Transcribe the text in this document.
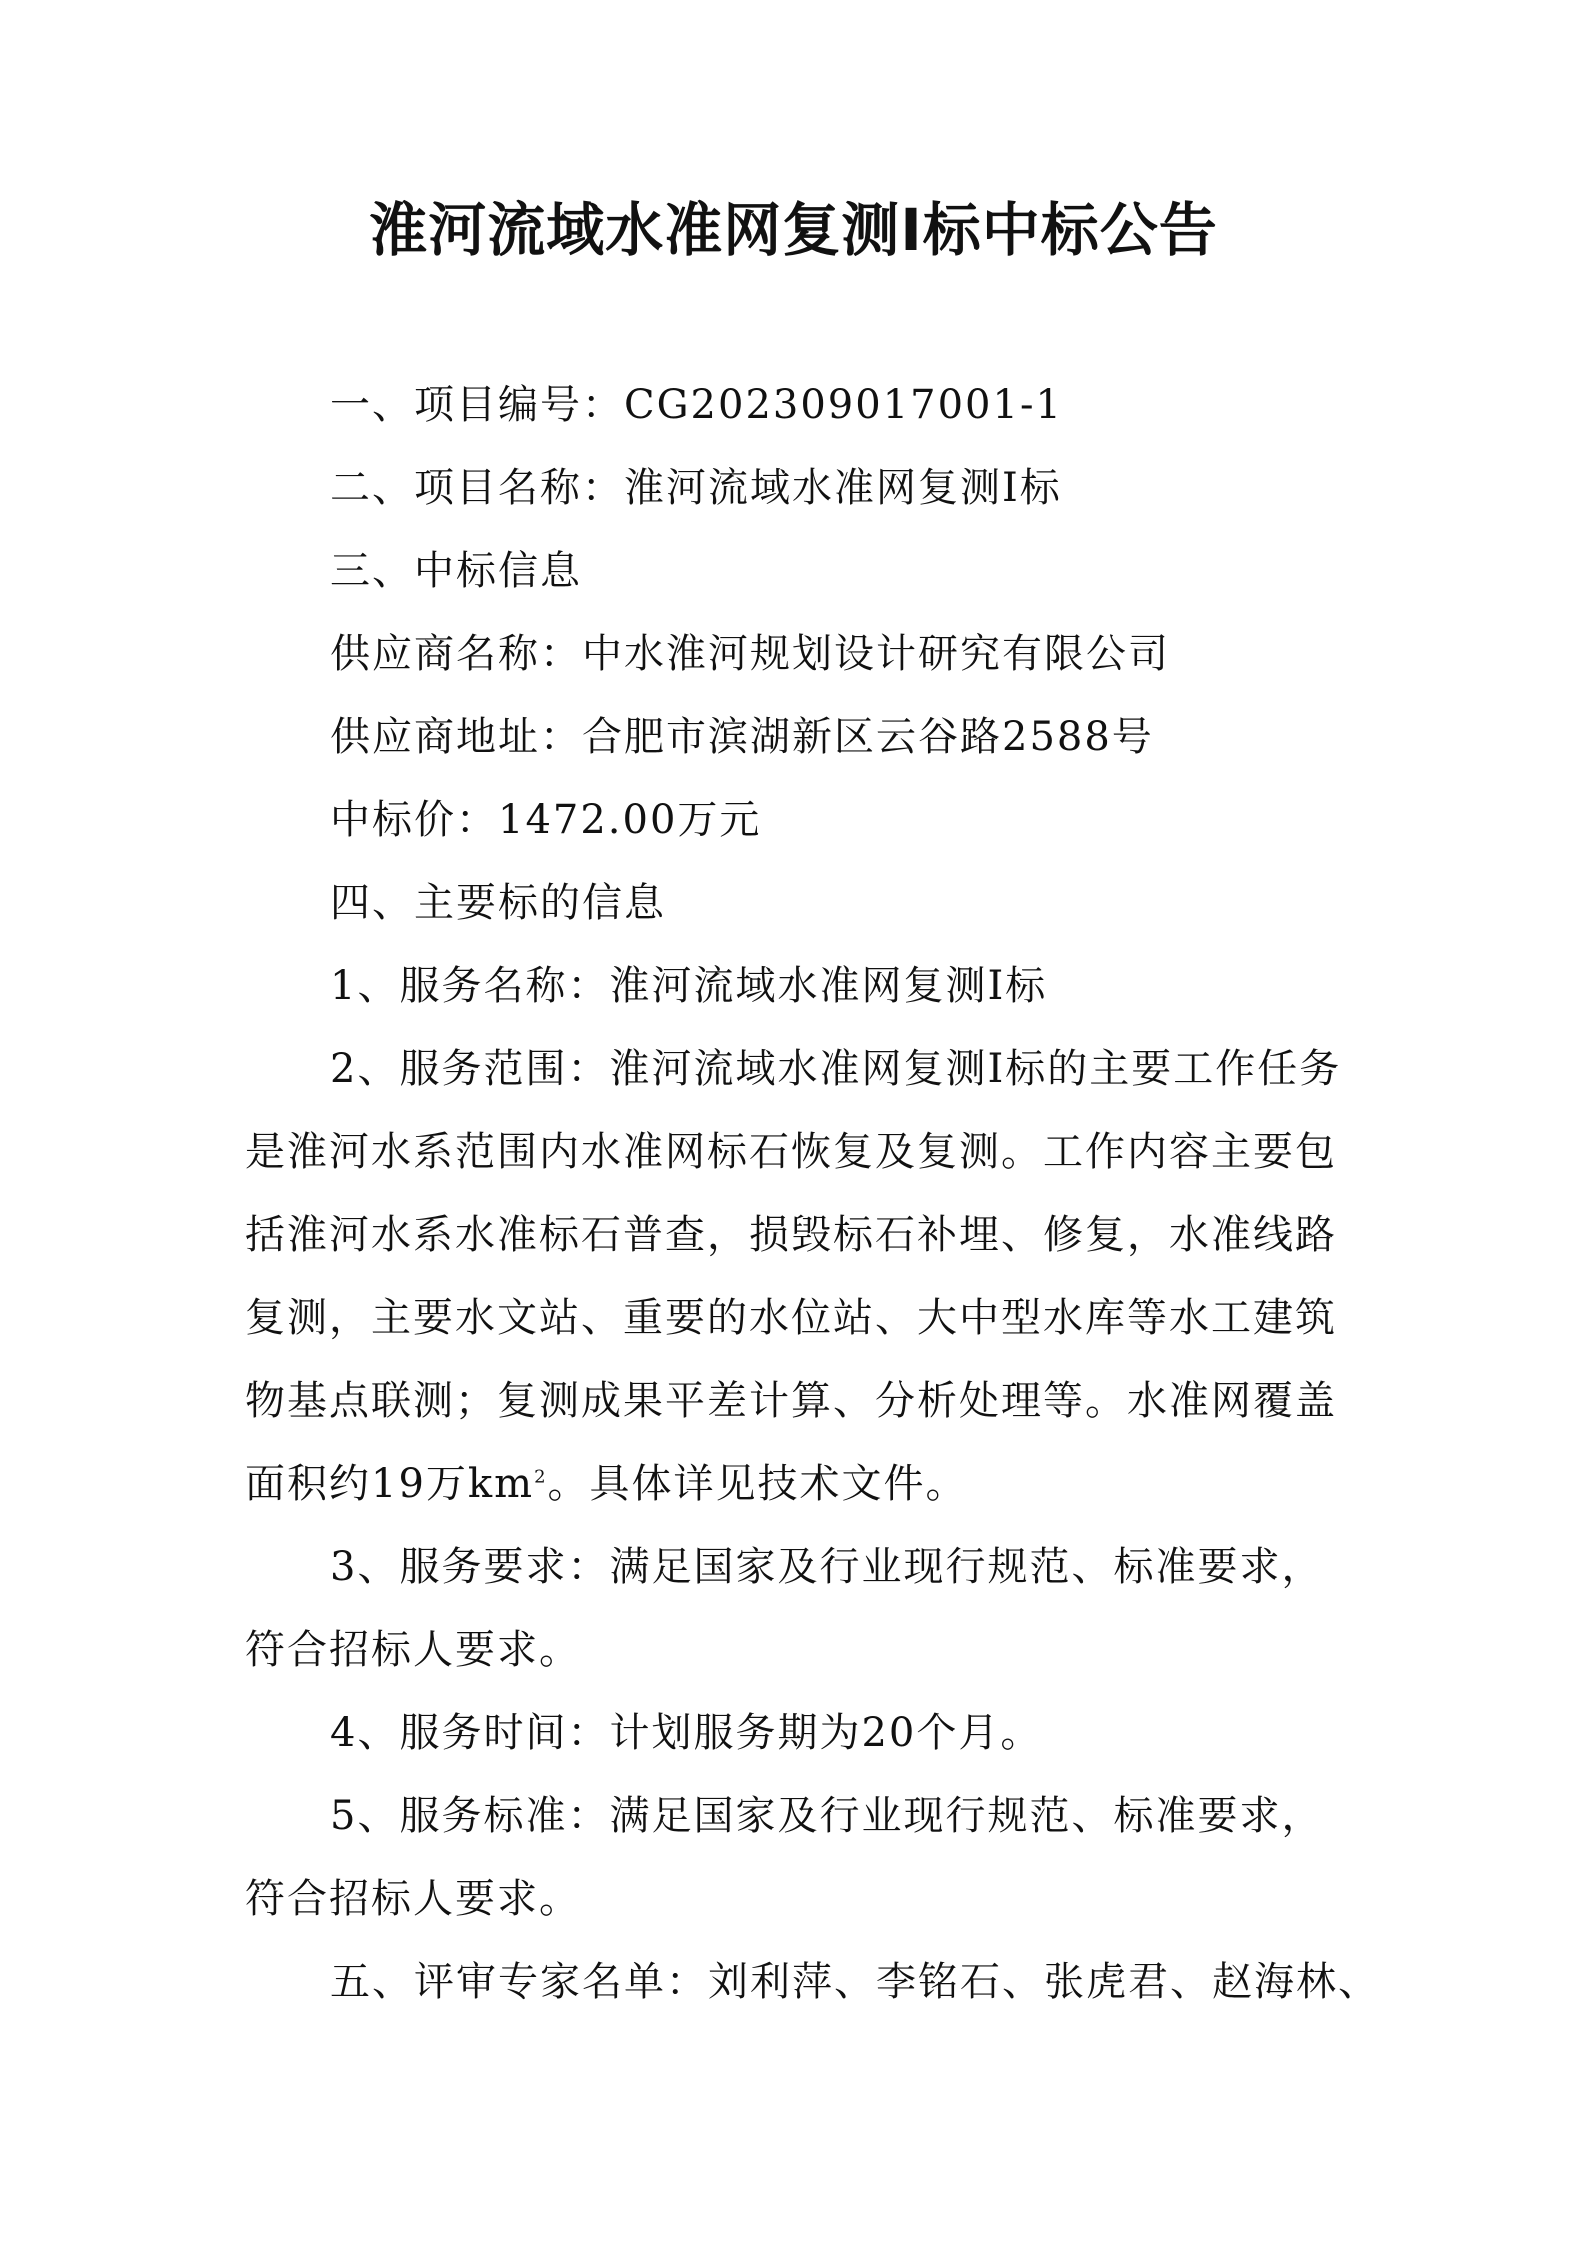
淮河流域水准网复测Ⅰ标中标公告
一、项目编号：CG202309017001-1
二、项目名称：淮河流域水准网复测Ⅰ标
三、中标信息
供应商名称：中水淮河规划设计研究有限公司
供应商地址：合肥市滨湖新区云谷路2588号
中标价：1472.00万元
四、主要标的信息
1、服务名称：淮河流域水准网复测Ⅰ标
2、服务范围：淮河流域水准网复测Ⅰ标的主要工作任务是淮河水系范围内水准网标石恢复及复测。工作内容主要包括淮河水系水准标石普查，损毁标石补埋、修复，水准线路复测，主要水文站、重要的水位站、大中型水库等水工建筑物基点联测；复测成果平差计算、分析处理等。水准网覆盖面积约19万$km^2$。具体详见技术文件。
3、服务要求：满足国家及行业现行规范、标准要求，符合招标人要求。
4、服务时间：计划服务期为20个月。
5、服务标准：满足国家及行业现行规范、标准要求，符合招标人要求。
五、评审专家名单：刘利萍、李铭石、张虎君、赵海林、
